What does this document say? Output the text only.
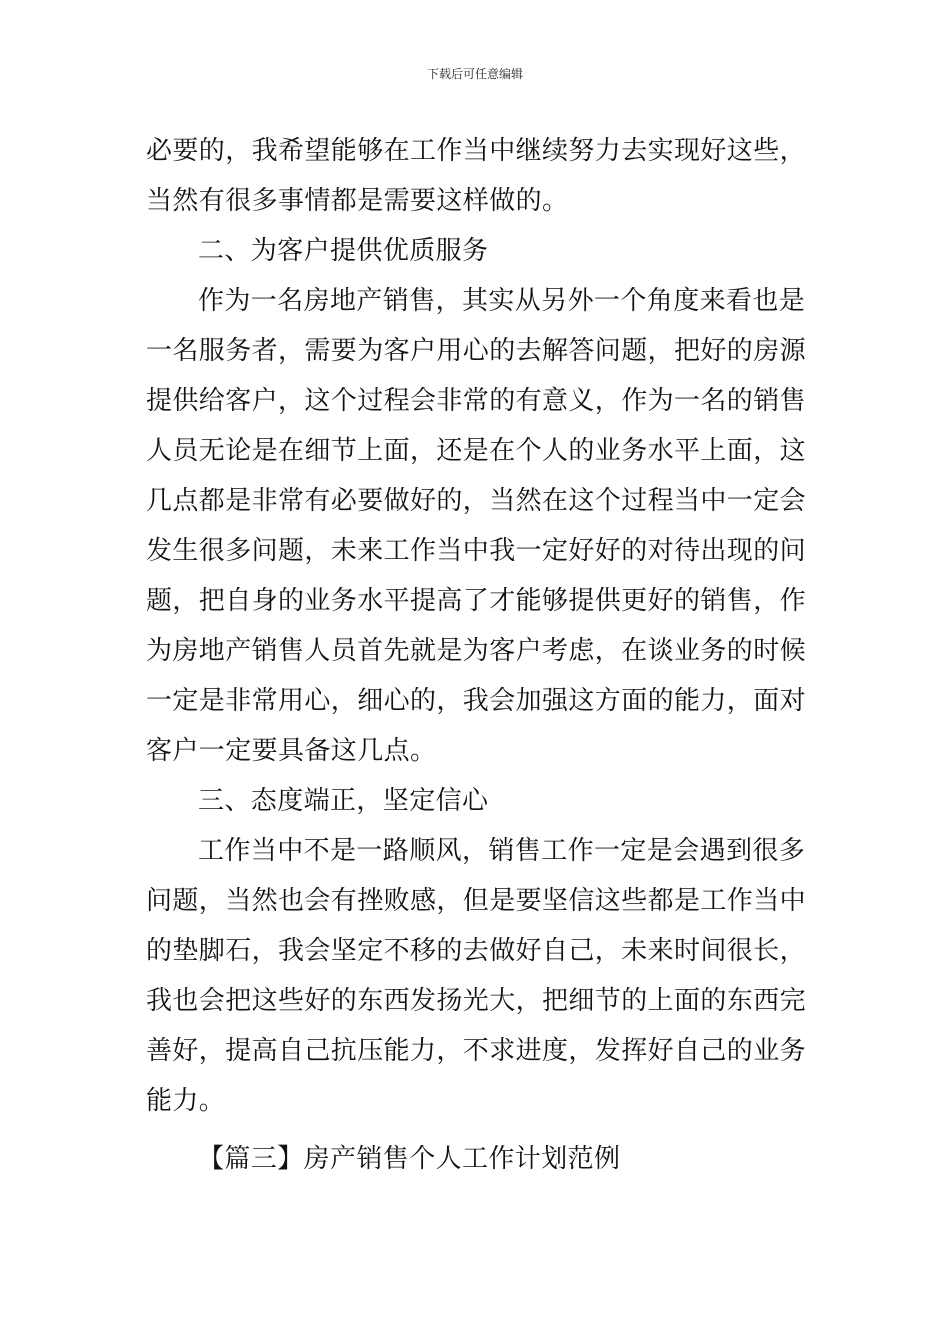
下载后可任意编辑
必要的，我希望能够在工作当中继续努力去实现好这些，
当然有很多事情都是需要这样做的。
二、为客户提供优质服务
作为一名房地产销售，其实从另外一个角度来看也是
一名服务者，需要为客户用心的去解答问题，把好的房源
提供给客户，这个过程会非常的有意义，作为一名的销售
人员无论是在细节上面，还是在个人的业务水平上面，这
几点都是非常有必要做好的，当然在这个过程当中一定会
发生很多问题，未来工作当中我一定好好的对待出现的问
题，把自身的业务水平提高了才能够提供更好的销售，作
为房地产销售人员首先就是为客户考虑，在谈业务的时候
一定是非常用心，细心的，我会加强这方面的能力，面对
客户一定要具备这几点。
三、态度端正，坚定信心
工作当中不是一路顺风，销售工作一定是会遇到很多
问题，当然也会有挫败感，但是要坚信这些都是工作当中
的垫脚石，我会坚定不移的去做好自己，未来时间很长，
我也会把这些好的东西发扬光大，把细节的上面的东西完
善好，提高自己抗压能力，不求进度，发挥好自己的业务
能力。
【篇三】房产销售个人工作计划范例
